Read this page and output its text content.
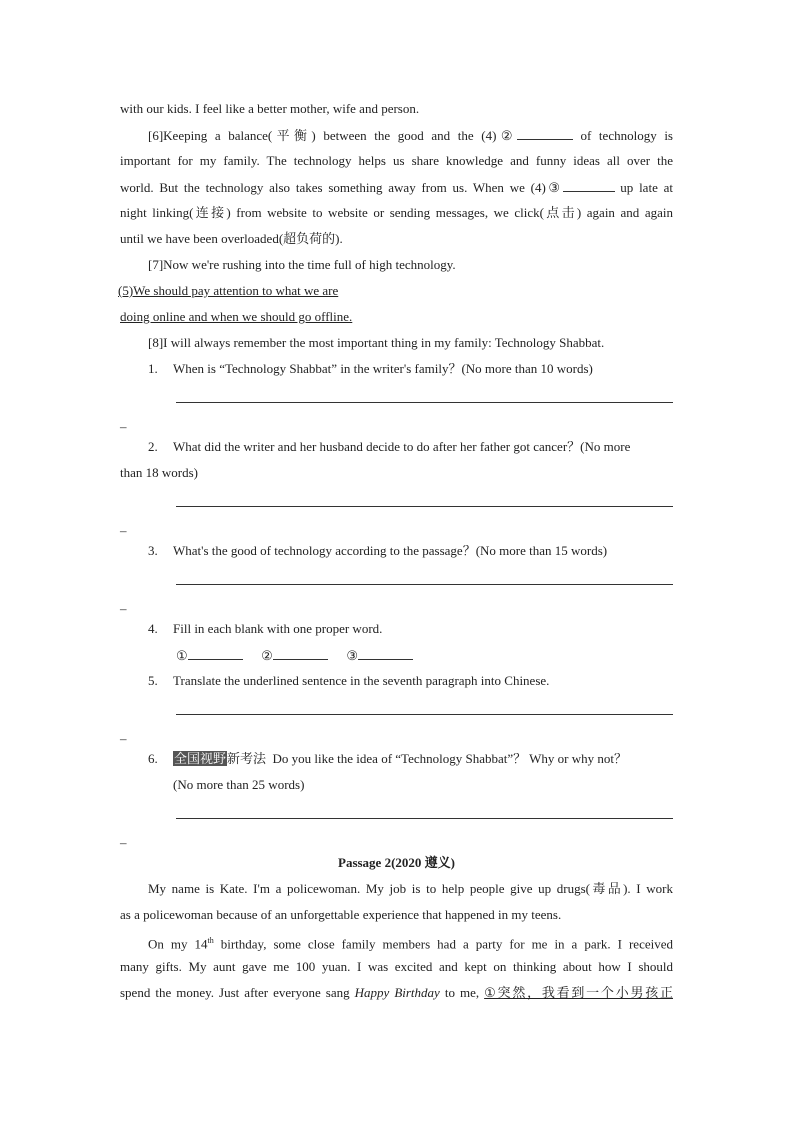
with our kids. I feel like a better mother, wife and person.
[6]Keeping a balance(平衡) between the good and the (4)②	of technology is
important for my family. The technology helps us share knowledge and funny ideas all over the
world. But the technology also takes something away from us. When we (4)③	up late at
night linking(连接) from website to website or sending messages, we click(点击) again and again
until we have been overloaded(超负荷的).
[7]Now we're rushing into the time full of high technology.
(5)We should pay attention to what we are
doing online and when we should go offline.
[8]I will always remember the most important thing in my family: Technology Shabbat.
1. When is “Technology Shabbat” in the writer's family？(No more than 10 words)
–
2. What did the writer and her husband decide to do after her father got cancer？(No more
than 18 words)
–
3. What's the good of technology according to the passage？(No more than 15 words)
–
4. Fill in each blank with one proper word.
①	②	③
5. Translate the underlined sentence in the seventh paragraph into Chinese.
–
6. 全国视野新考法 Do you like the idea of “Technology Shabbat”？ Why or why not？
(No more than 25 words)
–
Passage 2(2020 遵义)
My name is Kate. I'm a policewoman. My job is to help people give up drugs(毒品). I work
as a policewoman because of an unforgettable experience that happened in my teens.
On my 14th birthday, some close family members had a party for me in a park. I received
many gifts. My aunt gave me 100 yuan. I was excited and kept on thinking about how I should
spend the money. Just after everyone sang Happy Birthday to me, ①突然，我看到一个小男孩正
